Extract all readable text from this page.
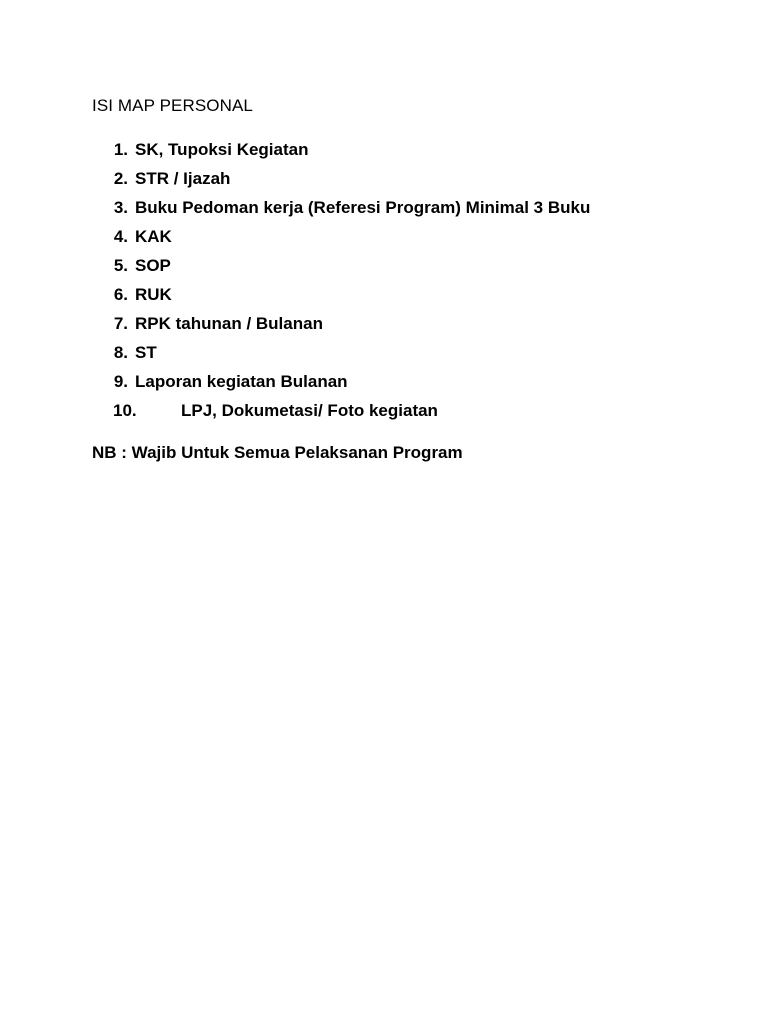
ISI MAP PERSONAL
1. SK, Tupoksi Kegiatan
2. STR / Ijazah
3. Buku Pedoman kerja (Referesi Program) Minimal 3 Buku
4. KAK
5. SOP
6. RUK
7. RPK tahunan / Bulanan
8. ST
9. Laporan kegiatan Bulanan
10.	LPJ, Dokumetasi/ Foto kegiatan

NB : Wajib Untuk Semua Pelaksanan Program
